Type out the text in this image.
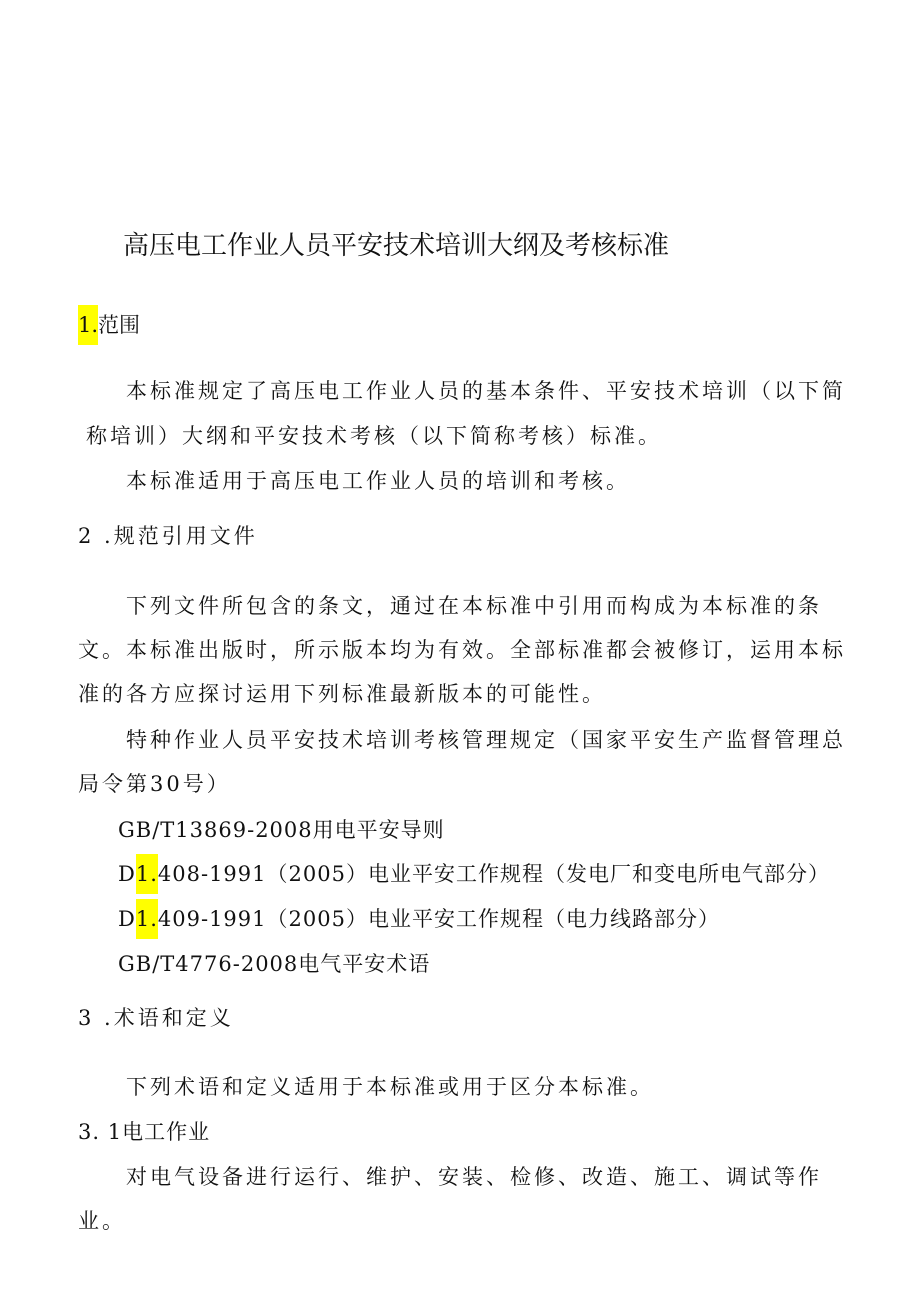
高压电工作业人员平安技术培训大纲及考核标准
1.范围
本标准规定了高压电工作业人员的基本条件、平安技术培训（以下简
称培训）大纲和平安技术考核（以下简称考核）标准。
本标准适用于高压电工作业人员的培训和考核。
2 .规范引用文件
下列文件所包含的条文，通过在本标准中引用而构成为本标准的条
文。本标准出版时，所示版本均为有效。全部标准都会被修订，运用本标
准的各方应探讨运用下列标准最新版本的可能性。
特种作业人员平安技术培训考核管理规定（国家平安生产监督管理总
局令第30号）
GB/T13869-2008用电平安导则
D1.408-1991（2005）电业平安工作规程（发电厂和变电所电气部分）
D1.409-1991（2005）电业平安工作规程（电力线路部分）
GB/T4776-2008电气平安术语
3 .术语和定义
下列术语和定义适用于本标准或用于区分本标准。
3. 1电工作业
对电气设备进行运行、维护、安装、检修、改造、施工、调试等作
业。
